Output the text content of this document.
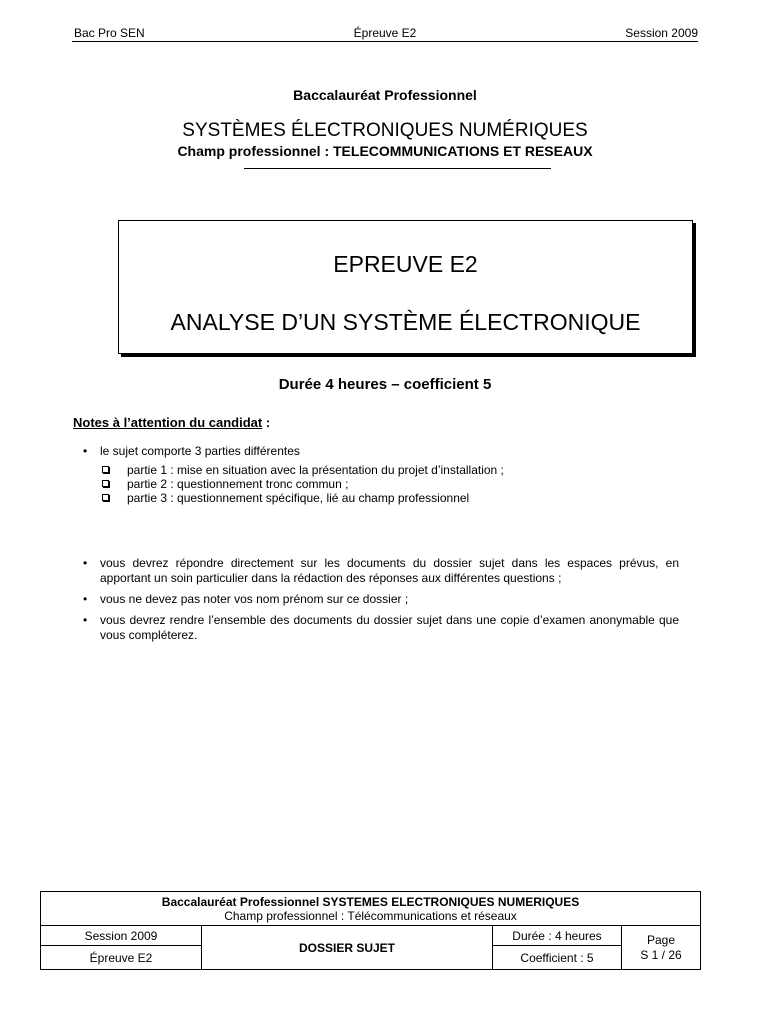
Bac Pro SEN	Épreuve E2	Session 2009
Baccalauréat Professionnel
SYSTÈMES ÉLECTRONIQUES NUMÉRIQUES
Champ professionnel : TELECOMMUNICATIONS ET RESEAUX
EPREUVE E2
ANALYSE D’UN SYSTÈME ÉLECTRONIQUE
Durée 4 heures – coefficient 5
Notes à l’attention du candidat :
• le sujet comporte 3 parties différentes
partie 1 : mise en situation avec la présentation du projet d’installation ;
partie 2 : questionnement tronc commun ;
partie 3 : questionnement spécifique, lié au champ professionnel
• vous devrez répondre directement sur les documents du dossier sujet dans les espaces prévus, en apportant un soin particulier dans la rédaction des réponses aux différentes questions ;
• vous ne devez pas noter vos nom prénom sur ce dossier ;
• vous devrez rendre l’ensemble des documents du dossier sujet dans une copie d’examen anonymable que vous compléterez.
Baccalauréat Professionnel SYSTEMES ELECTRONIQUES NUMERIQUES
Champ professionnel : Télécommunications et réseaux			

Session 2009	DOSSIER SUJET	Durée : 4 heures	Page
S 1 / 26

Épreuve E2		Coefficient : 5	
